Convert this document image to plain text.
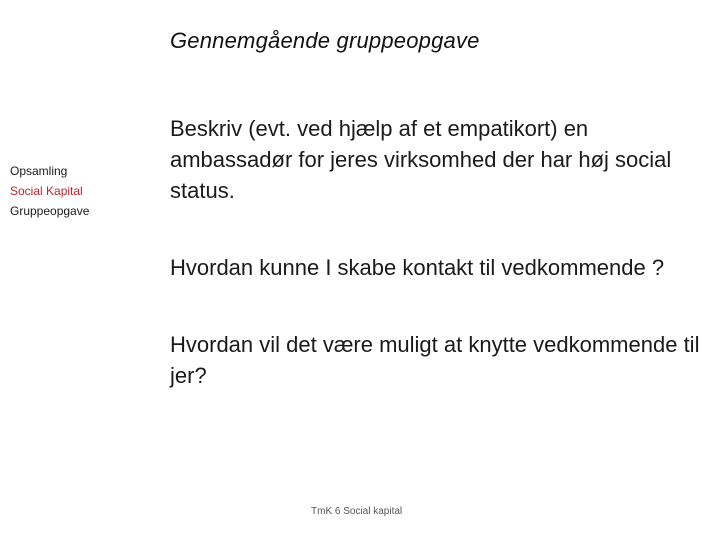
Gennemgående gruppeopgave
Opsamling
Social Kapital
Gruppeopgave

Beskriv (evt. ved hjælp af et empatikort) en ambassadør for jeres virksomhed der har høj social status.

Hvordan kunne I skabe kontakt til vedkommende ?

Hvordan vil det være muligt at knytte vedkommende til jer?

TmK 6 Social kapital
